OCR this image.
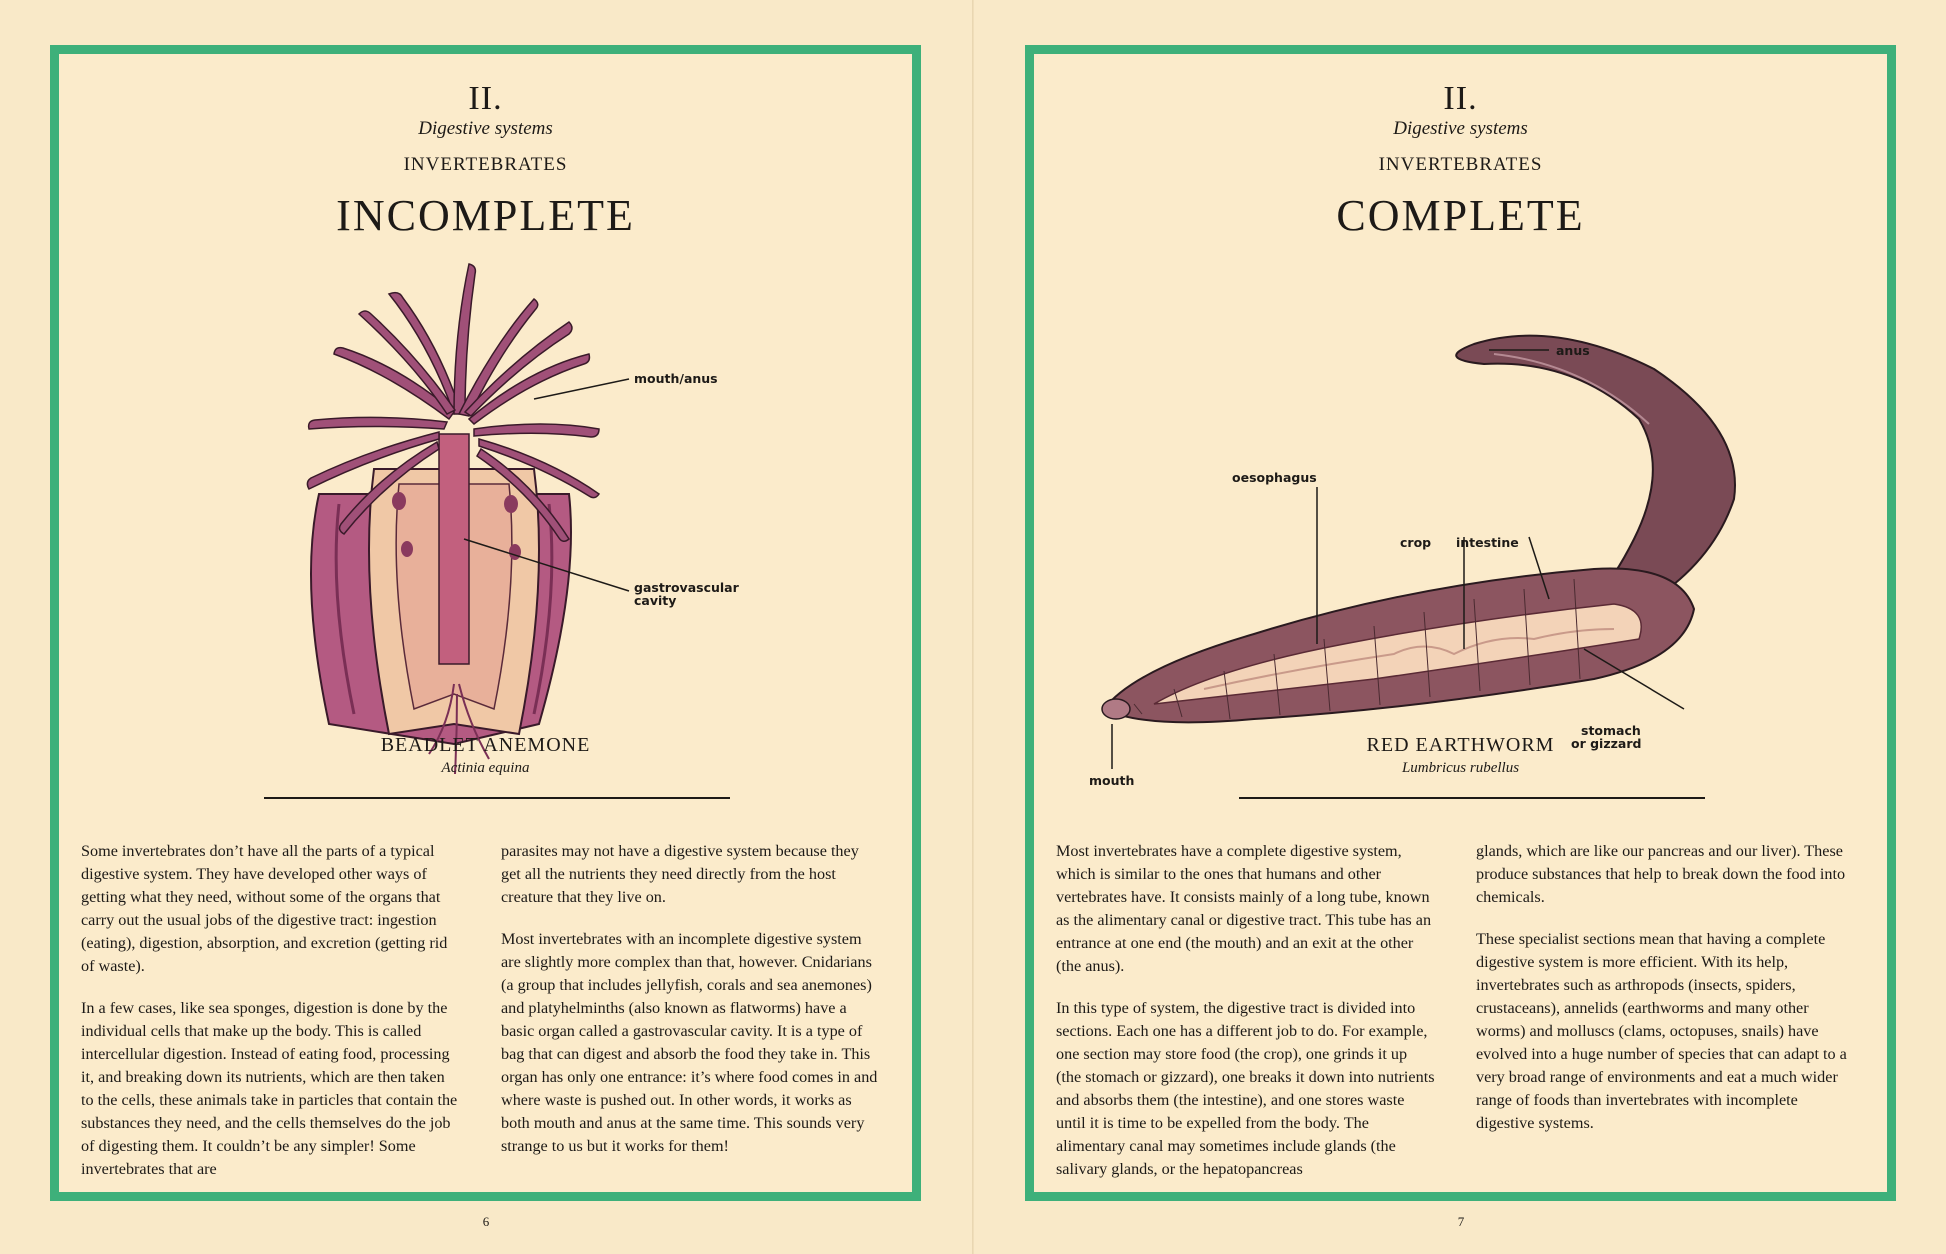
II.
Digestive systems
INVERTEBRATES
INCOMPLETE
mouth/anus
gastrovascular
cavity
BEADLET ANEMONE
Actinia equina

Some invertebrates don’t have all the parts of a typical digestive system. They have developed other ways of getting what they need, without some of the organs that carry out the usual jobs of the digestive tract: ingestion (eating), digestion, absorption, and excretion (getting rid of waste).

In a few cases, like sea sponges, digestion is done by the individual cells that make up the body. This is called intercellular digestion. Instead of eating food, processing it, and breaking down its nutrients, which are then taken to the cells, these animals take in particles that contain the substances they need, and the cells themselves do the job of digesting them. It couldn’t be any simpler! Some invertebrates that are

parasites may not have a digestive system because they get all the nutrients they need directly from the host creature that they live on.

Most invertebrates with an incomplete digestive system are slightly more complex than that, however. Cnidarians (a group that includes jellyfish, corals and sea anemones) and platyhelminths (also known as flatworms) have a basic organ called a gastrovascular cavity. It is a type of bag that can digest and absorb the food they take in. This organ has only one entrance: it’s where food comes in and where waste is pushed out. In other words, it works as both mouth and anus at the same time. This sounds very strange to us but it works for them!

6
II.
Digestive systems
INVERTEBRATES
COMPLETE
anus
oesophagus
crop intestine
stomach
or gizzard
mouth
RED EARTHWORM
Lumbricus rubellus

Most invertebrates have a complete digestive system, which is similar to the ones that humans and other vertebrates have. It consists mainly of a long tube, known as the alimentary canal or digestive tract. This tube has an entrance at one end (the mouth) and an exit at the other (the anus).

In this type of system, the digestive tract is divided into sections. Each one has a different job to do. For example, one section may store food (the crop), one grinds it up (the stomach or gizzard), one breaks it down into nutrients and absorbs them (the intestine), and one stores waste until it is time to be expelled from the body. The alimentary canal may sometimes include glands (the salivary glands, or the hepatopancreas

glands, which are like our pancreas and our liver). These produce substances that help to break down the food into chemicals.

These specialist sections mean that having a complete digestive system is more efficient. With its help, invertebrates such as arthropods (insects, spiders, crustaceans), annelids (earthworms and many other worms) and molluscs (clams, octopuses, snails) have evolved into a huge number of species that can adapt to a very broad range of environments and eat a much wider range of foods than invertebrates with incomplete digestive systems.

7
